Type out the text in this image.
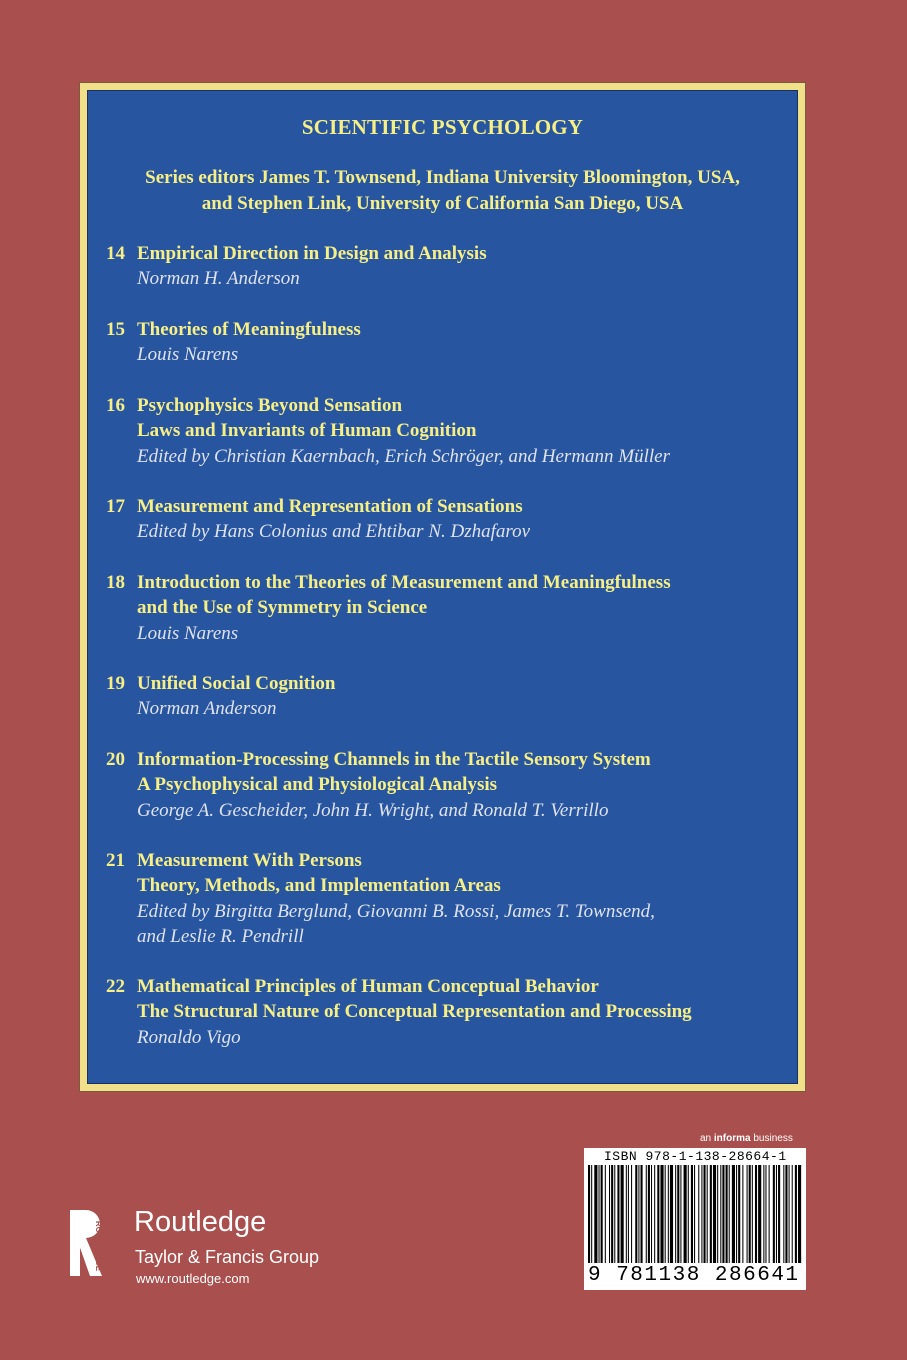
SCIENTIFIC PSYCHOLOGY
Series editors James T. Townsend, Indiana University Bloomington, USA,
and Stephen Link, University of California San Diego, USA
14 Empirical Direction in Design and Analysis
Norman H. Anderson
15 Theories of Meaningfulness
Louis Narens
16 Psychophysics Beyond Sensation
Laws and Invariants of Human Cognition
Edited by Christian Kaernbach, Erich Schröger, and Hermann Müller
17 Measurement and Representation of Sensations
Edited by Hans Colonius and Ehtibar N. Dzhafarov
18 Introduction to the Theories of Measurement and Meaningfulness
and the Use of Symmetry in Science
Louis Narens
19 Unified Social Cognition
Norman Anderson
20 Information-Processing Channels in the Tactile Sensory System
A Psychophysical and Physiological Analysis
George A. Gescheider, John H. Wright, and Ronald T. Verrillo
21 Measurement With Persons
Theory, Methods, and Implementation Areas
Edited by Birgitta Berglund, Giovanni B. Rossi, James T. Townsend,
and Leslie R. Pendrill
22 Mathematical Principles of Human Conceptual Behavior
The Structural Nature of Conceptual Representation and Processing
Ronaldo Vigo
an informa business
ISBN 978-1-138-28664-1
9 781138 286641
ROUTLEDGE Routledge
Taylor & Francis Group
www.routledge.com
